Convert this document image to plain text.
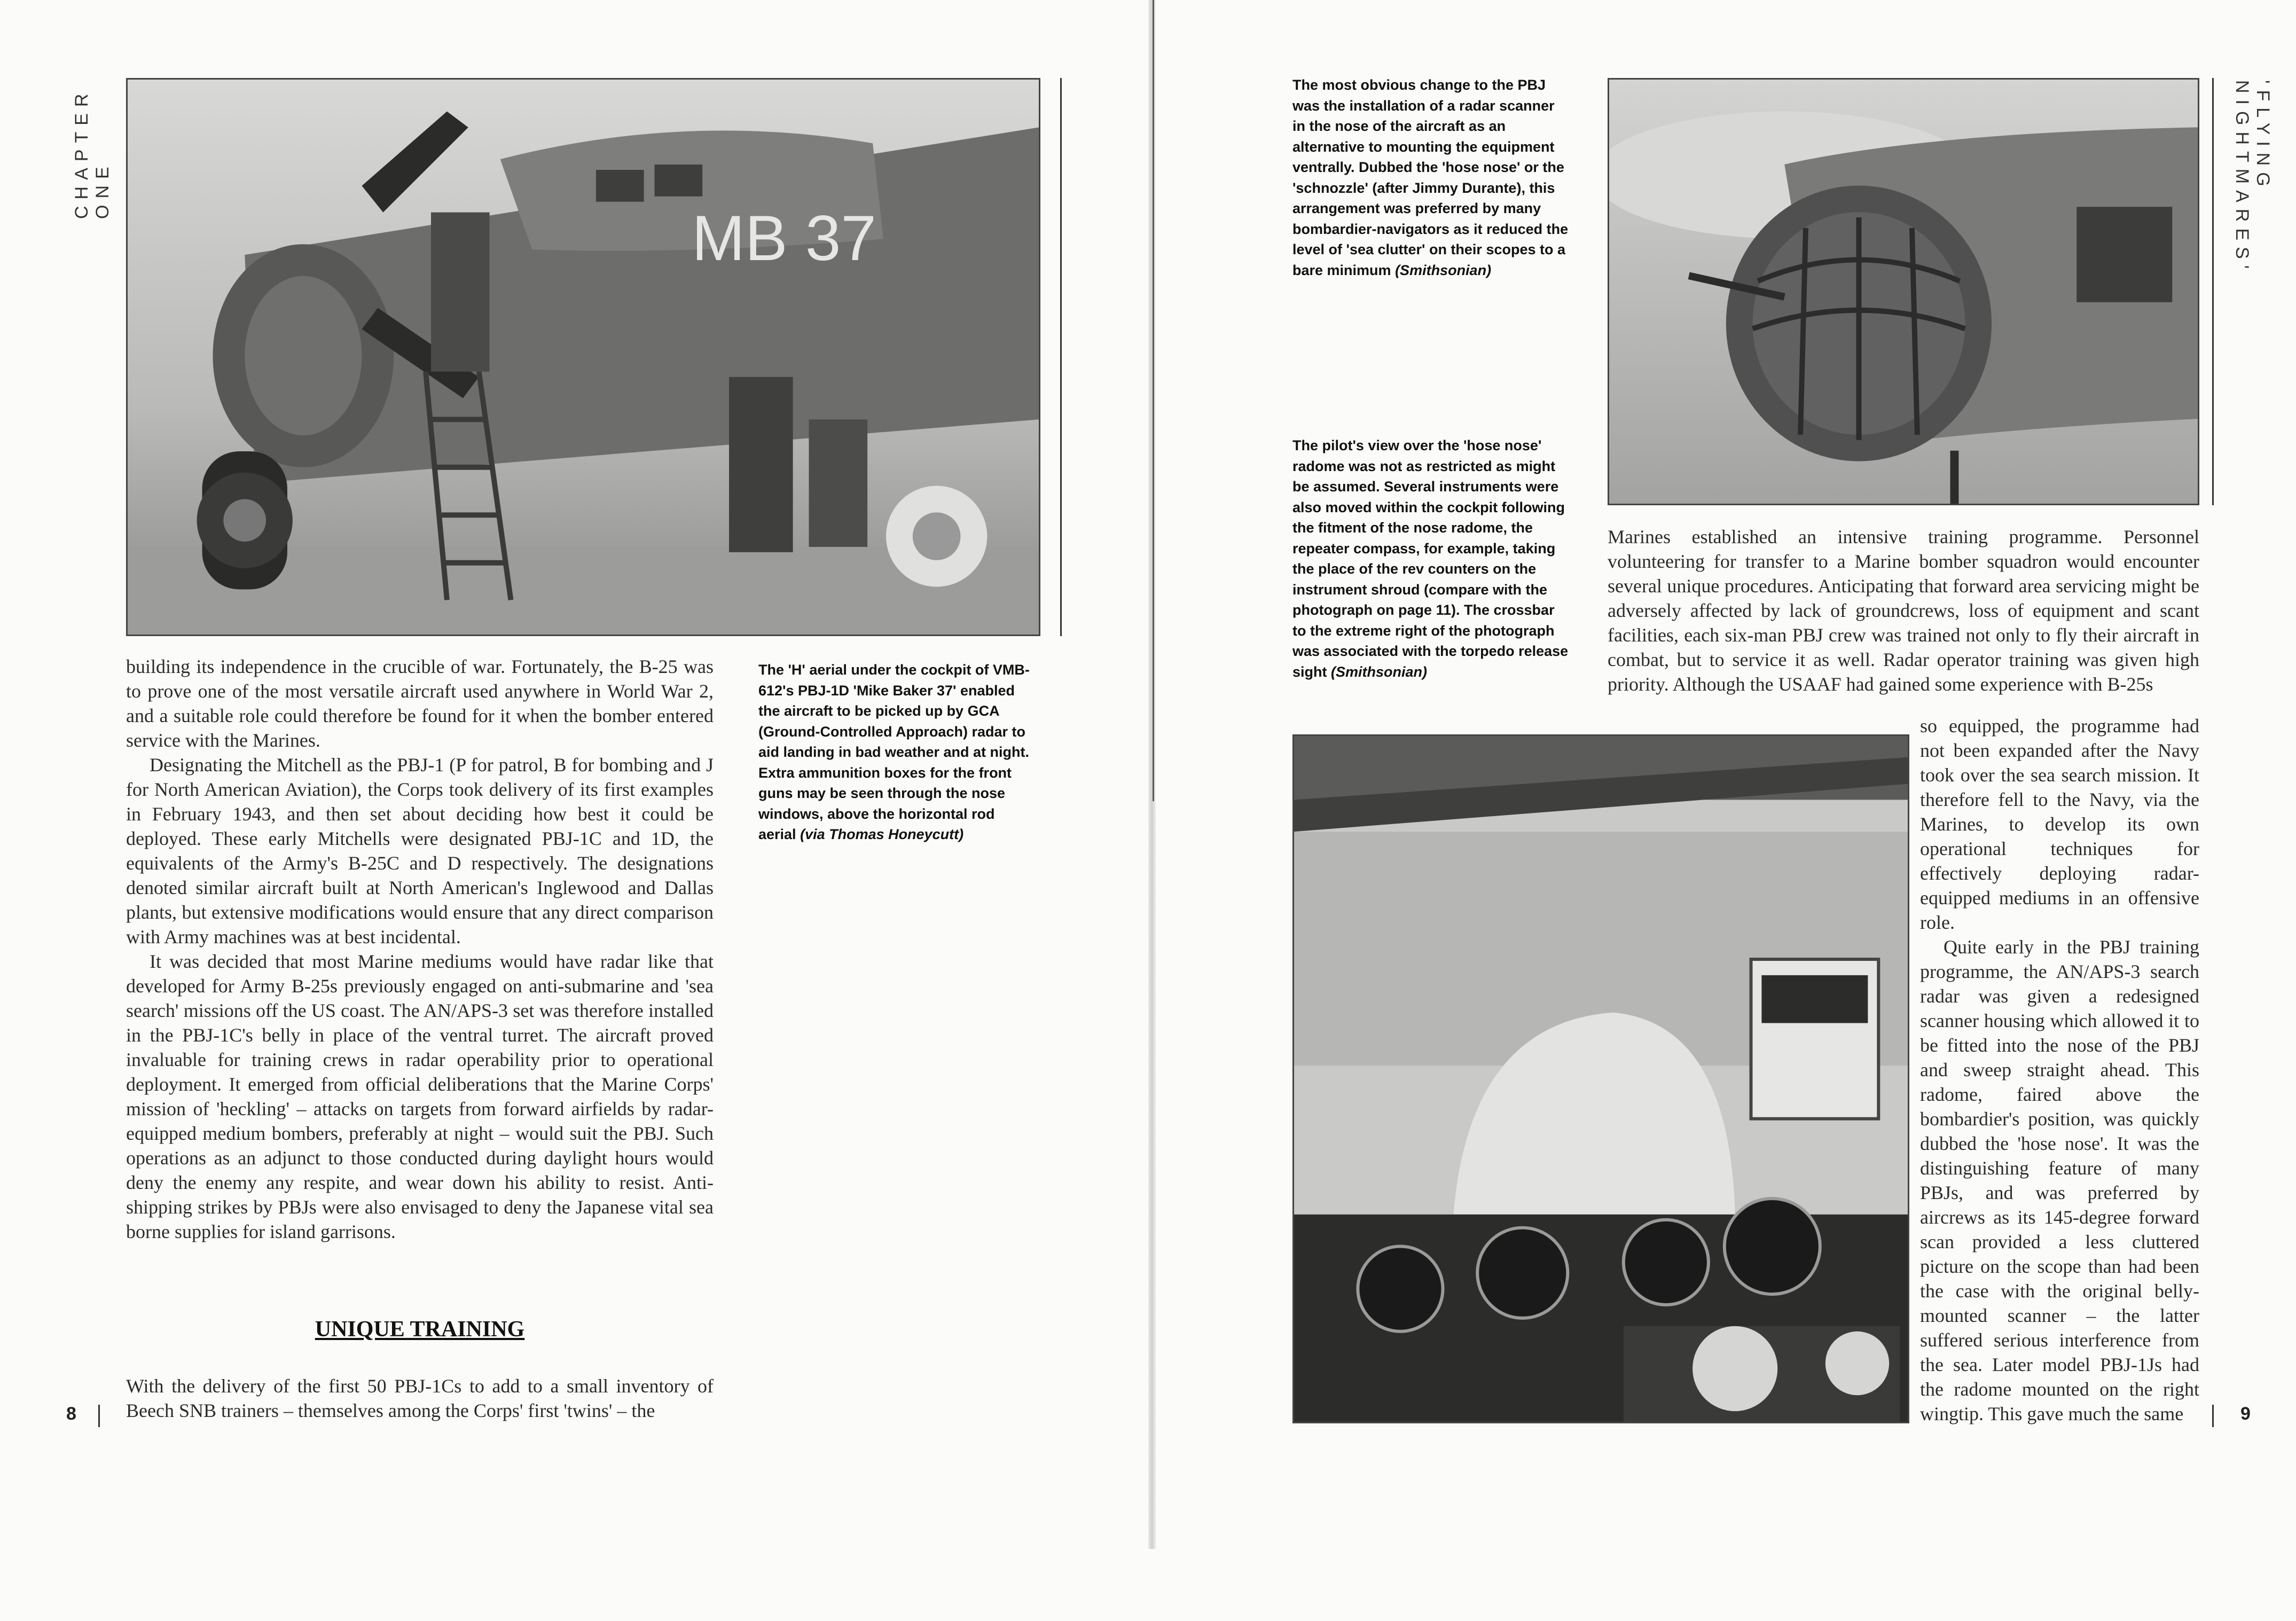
CHAPTER ONE
8
MB 37
The 'H' aerial under the cockpit of VMB-612's PBJ-1D 'Mike Baker 37' enabled the aircraft to be picked up by GCA (Ground-Controlled Approach) radar to aid landing in bad weather and at night. Extra ammunition boxes for the front guns may be seen through the nose windows, above the horizontal rod aerial (via Thomas Honeycutt)

building its independence in the crucible of war. Fortunately, the B-25 was to prove one of the most versatile aircraft used anywhere in World War 2, and a suitable role could therefore be found for it when the bomber entered service with the Marines.

Designating the Mitchell as the PBJ-1 (P for patrol, B for bombing and J for North American Aviation), the Corps took delivery of its first examples in February 1943, and then set about deciding how best it could be deployed. These early Mitchells were designated PBJ-1C and 1D, the equivalents of the Army's B-25C and D respectively. The designations denoted similar aircraft built at North American's Inglewood and Dallas plants, but extensive modifications would ensure that any direct comparison with Army machines was at best incidental.

It was decided that most Marine mediums would have radar like that developed for Army B-25s previously engaged on anti-submarine and 'sea search' missions off the US coast. The AN/APS-3 set was therefore installed in the PBJ-1C's belly in place of the ventral turret. The aircraft proved invaluable for training crews in radar operability prior to operational deployment. It emerged from official deliberations that the Marine Corps' mission of 'heckling' – attacks on targets from forward airfields by radar-equipped medium bombers, preferably at night – would suit the PBJ. Such operations as an adjunct to those conducted during daylight hours would deny the enemy any respite, and wear down his ability to resist. Anti-shipping strikes by PBJs were also envisaged to deny the Japanese vital sea borne supplies for island garrisons.

UNIQUE TRAINING

With the delivery of the first 50 PBJ-1Cs to add to a small inventory of Beech SNB trainers – themselves among the Corps' first 'twins' – the

The most obvious change to the PBJ was the installation of a radar scanner in the nose of the aircraft as an alternative to mounting the equipment ventrally. Dubbed the 'hose nose' or the 'schnozzle' (after Jimmy Durante), this arrangement was preferred by many bombardier-navigators as it reduced the level of 'sea clutter' on their scopes to a bare minimum (Smithsonian)
'FLYING NIGHTMARES'
The pilot's view over the 'hose nose' radome was not as restricted as might be assumed. Several instruments were also moved within the cockpit following the fitment of the nose radome, the repeater compass, for example, taking the place of the rev counters on the instrument shroud (compare with the photograph on page 11). The crossbar to the extreme right of the photograph was associated with the torpedo release sight (Smithsonian)

Marines established an intensive training programme. Personnel volunteering for transfer to a Marine bomber squadron would encounter several unique procedures. Anticipating that forward area servicing might be adversely affected by lack of groundcrews, loss of equipment and scant facilities, each six-man PBJ crew was trained not only to fly their aircraft in combat, but to service it as well. Radar operator training was given high priority. Although the USAAF had gained some experience with B-25s

so equipped, the programme had not been expanded after the Navy took over the sea search mission. It therefore fell to the Navy, via the Marines, to develop its own operational techniques for effectively deploying radar-equipped mediums in an offensive role.

Quite early in the PBJ training programme, the AN/APS-3 search radar was given a redesigned scanner housing which allowed it to be fitted into the nose of the PBJ and sweep straight ahead. This radome, faired above the bombardier's position, was quickly dubbed the 'hose nose'. It was the distinguishing feature of many PBJs, and was preferred by aircrews as its 145-degree forward scan provided a less cluttered picture on the scope than had been the case with the original belly-mounted scanner – the latter suffered serious interference from the sea. Later model PBJ-1Js had the radome mounted on the right wingtip. This gave much the same	9
